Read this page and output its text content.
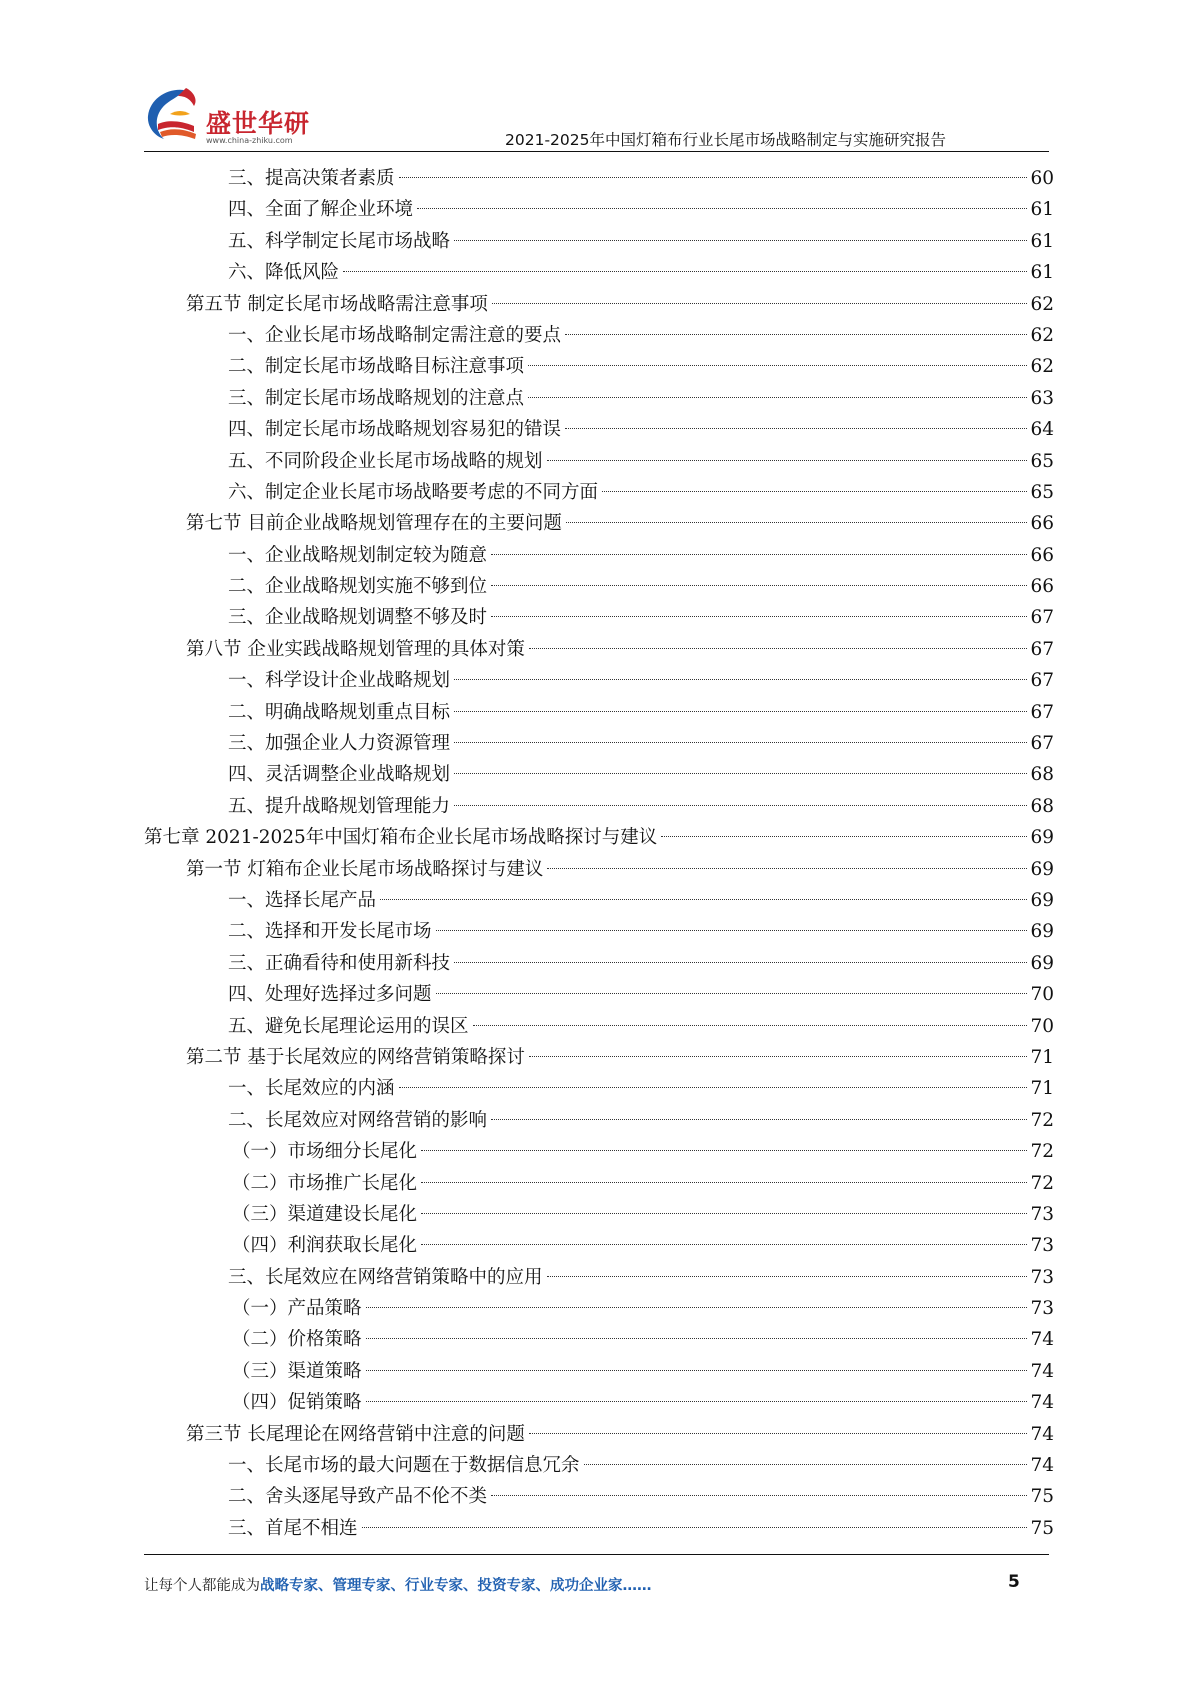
盛世华研
www.china-zhiku.com	2021-2025年中国灯箱布行业长尾市场战略制定与实施研究报告
三、提高决策者素质	60
四、全面了解企业环境	61
五、科学制定长尾市场战略	61
六、降低风险	61
第五节 制定长尾市场战略需注意事项	62
一、企业长尾市场战略制定需注意的要点	62
二、制定长尾市场战略目标注意事项	62
三、制定长尾市场战略规划的注意点	63
四、制定长尾市场战略规划容易犯的错误	64
五、不同阶段企业长尾市场战略的规划	65
六、制定企业长尾市场战略要考虑的不同方面	65
第七节 目前企业战略规划管理存在的主要问题	66
一、企业战略规划制定较为随意	66
二、企业战略规划实施不够到位	66
三、企业战略规划调整不够及时	67
第八节 企业实践战略规划管理的具体对策	67
一、科学设计企业战略规划	67
二、明确战略规划重点目标	67
三、加强企业人力资源管理	67
四、灵活调整企业战略规划	68
五、提升战略规划管理能力	68
第七章 2021-2025年中国灯箱布企业长尾市场战略探讨与建议	69
第一节 灯箱布企业长尾市场战略探讨与建议	69
一、选择长尾产品	69
二、选择和开发长尾市场	69
三、正确看待和使用新科技	69
四、处理好选择过多问题	70
五、避免长尾理论运用的误区	70
第二节 基于长尾效应的网络营销策略探讨	71
一、长尾效应的内涵	71
二、长尾效应对网络营销的影响	72
（一）市场细分长尾化	72
（二）市场推广长尾化	72
（三）渠道建设长尾化	73
（四）利润获取长尾化	73
三、长尾效应在网络营销策略中的应用	73
（一）产品策略	73
（二）价格策略	74
（三）渠道策略	74
（四）促销策略	74
第三节 长尾理论在网络营销中注意的问题	74
一、长尾市场的最大问题在于数据信息冗余	74
二、舍头逐尾导致产品不伦不类	75
三、首尾不相连	75
让每个人都能成为战略专家、管理专家、行业专家、投资专家、成功企业家……	5
